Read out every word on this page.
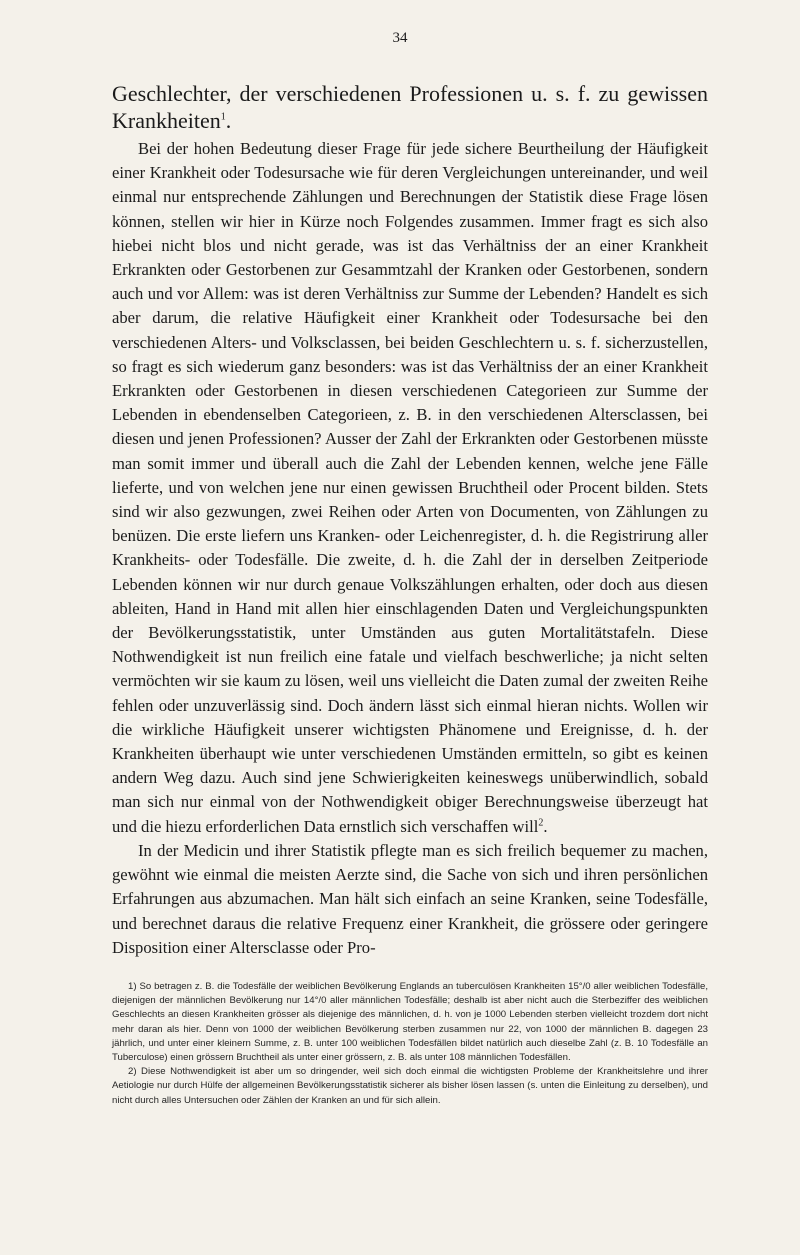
34

Geschlechter, der verschiedenen Professionen u. s. f. zu gewissen Krankheiten$^1$.

Bei der hohen Bedeutung dieser Frage für jede sichere Beurtheilung der Häufigkeit einer Krankheit oder Todesursache wie für deren Vergleichungen untereinander, und weil einmal nur entsprechende Zählungen und Berechnungen der Statistik diese Frage lösen können, stellen wir hier in Kürze noch Folgendes zusammen. Immer fragt es sich also hiebei nicht blos und nicht gerade, was ist das Verhältniss der an einer Krankheit Erkrankten oder Gestorbenen zur Gesammtzahl der Kranken oder Gestorbenen, sondern auch und vor Allem: was ist deren Verhältniss zur Summe der Lebenden? Handelt es sich aber darum, die relative Häufigkeit einer Krankheit oder Todesursache bei den verschiedenen Alters- und Volksclassen, bei beiden Geschlechtern u. s. f. sicherzustellen, so fragt es sich wiederum ganz besonders: was ist das Verhältniss der an einer Krankheit Erkrankten oder Gestorbenen in diesen verschiedenen Categorieen zur Summe der Lebenden in ebendenselben Categorieen, z. B. in den verschiedenen Altersclassen, bei diesen und jenen Professionen? Ausser der Zahl der Erkrankten oder Gestorbenen müsste man somit immer und überall auch die Zahl der Lebenden kennen, welche jene Fälle lieferte, und von welchen jene nur einen gewissen Bruchtheil oder Procent bilden. Stets sind wir also gezwungen, zwei Reihen oder Arten von Documenten, von Zählungen zu benüzen. Die erste liefern uns Kranken- oder Leichenregister, d. h. die Registrirung aller Krankheits- oder Todesfälle. Die zweite, d. h. die Zahl der in derselben Zeitperiode Lebenden können wir nur durch genaue Volkszählungen erhalten, oder doch aus diesen ableiten, Hand in Hand mit allen hier einschlagenden Daten und Vergleichungspunkten der Bevölkerungsstatistik, unter Umständen aus guten Mortalitätstafeln. Diese Nothwendigkeit ist nun freilich eine fatale und vielfach beschwerliche; ja nicht selten vermöchten wir sie kaum zu lösen, weil uns vielleicht die Daten zumal der zweiten Reihe fehlen oder unzuverlässig sind. Doch ändern lässt sich einmal hieran nichts. Wollen wir die wirkliche Häufigkeit unserer wichtigsten Phänomene und Ereignisse, d. h. der Krankheiten überhaupt wie unter verschiedenen Umständen ermitteln, so gibt es keinen andern Weg dazu. Auch sind jene Schwierigkeiten keineswegs unüberwindlich, sobald man sich nur einmal von der Nothwendigkeit obiger Berechnungsweise überzeugt hat und die hiezu erforderlichen Data ernstlich sich verschaffen will$^2$.

In der Medicin und ihrer Statistik pflegte man es sich freilich bequemer zu machen, gewöhnt wie einmal die meisten Aerzte sind, die Sache von sich und ihren persönlichen Erfahrungen aus abzumachen. Man hält sich einfach an seine Kranken, seine Todesfälle, und berechnet daraus die relative Frequenz einer Krankheit, die grössere oder geringere Disposition einer Altersclasse oder Pro-

1) So betragen z. B. die Todesfälle der weiblichen Bevölkerung Englands an tuberculösen Krankheiten 15°/0 aller weiblichen Todesfälle, diejenigen der männlichen Bevölkerung nur 14°/0 aller männlichen Todesfälle; deshalb ist aber nicht auch die Sterbeziffer des weiblichen Geschlechts an diesen Krankheiten grösser als diejenige des männlichen, d. h. von je 1000 Lebenden sterben vielleicht trozdem dort nicht mehr daran als hier. Denn von 1000 der weiblichen Bevölkerung sterben zusammen nur 22, von 1000 der männlichen B. dagegen 23 jährlich, und unter einer kleinern Summe, z. B. unter 100 weiblichen Todesfällen bildet natürlich auch dieselbe Zahl (z. B. 10 Todesfälle an Tuberculose) einen grössern Bruchtheil als unter einer grössern, z. B. als unter 108 männlichen Todesfällen.

2) Diese Nothwendigkeit ist aber um so dringender, weil sich doch einmal die wichtigsten Probleme der Krankheitslehre und ihrer Aetiologie nur durch Hülfe der allgemeinen Bevölkerungsstatistik sicherer als bisher lösen lassen (s. unten die Einleitung zu derselben), und nicht durch alles Untersuchen oder Zählen der Kranken an und für sich allein.
